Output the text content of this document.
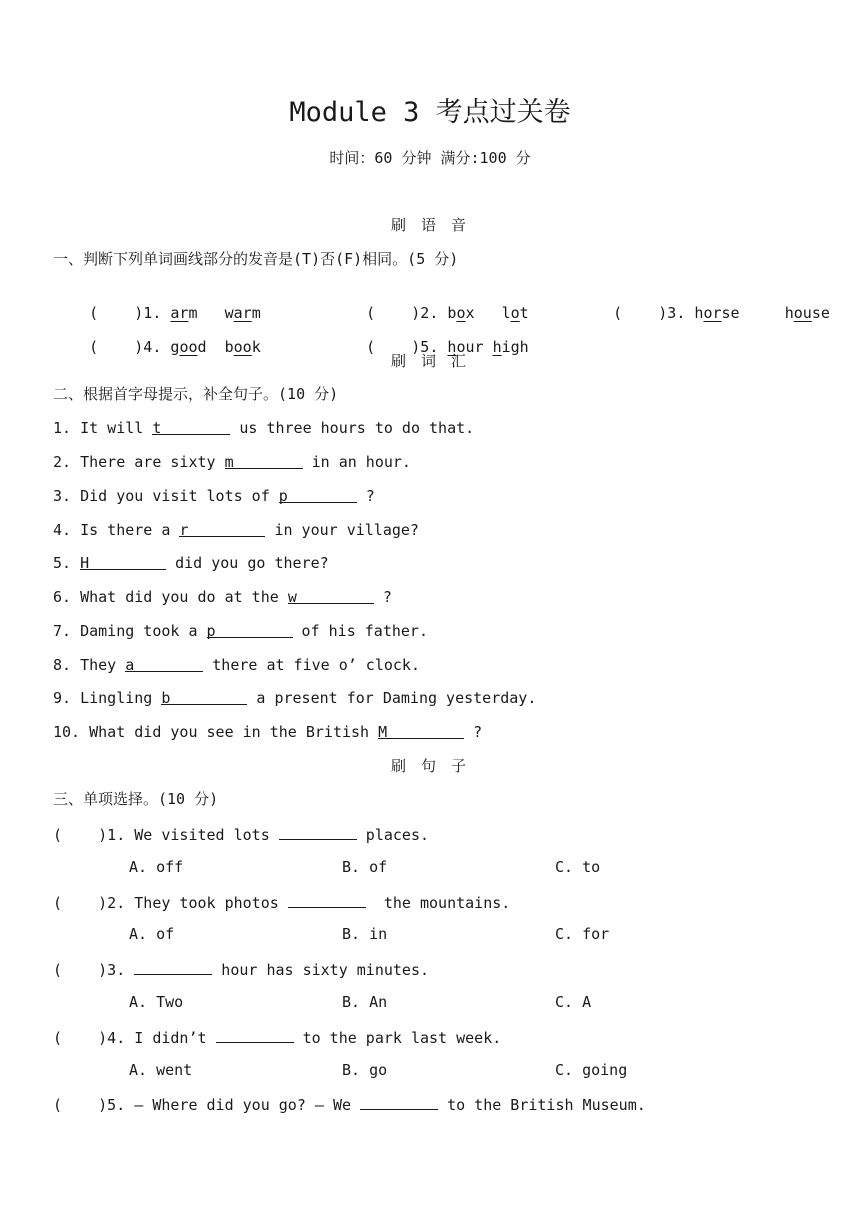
Module 3 考点过关卷
时间：60 分钟 满分:100 分
刷 语 音
一、判断下列单词画线部分的发音是(T)否(F)相同。(5 分)

(    )1. arm warm
	(    )2. box lot
	(    )3. horse	house

(    )4. good book
	(    )5. hour high

刷 词 汇
二、根据首字母提示，补全句子。(10 分)
1. It will t	us three hours to do that.
2. There are sixty m	in an hour.
3. Did you visit lots of p	?
4. Is there a r	in your village?
5. H	did you go there?
6. What did you do at the w	?
7. Daming took a p	of his father.
8. They a	there at five o’ clock.
9. Lingling b	a present for Daming yesterday.
10. What did you see in the British M	?
刷 句 子
三、单项选择。(10 分)
(    )1. We visited lots	places.
A. off	B. of	C. to
(    )2. They took photos	the mountains.
A. of	B. in	C. for
(    )3.	hour has sixty minutes.
A. Two	B. An	C. A
(    )4. I didn’t	to the park last week.
A. went	B. go	C. going
(    )5. — Where did you go? — We	to the British Museum.
